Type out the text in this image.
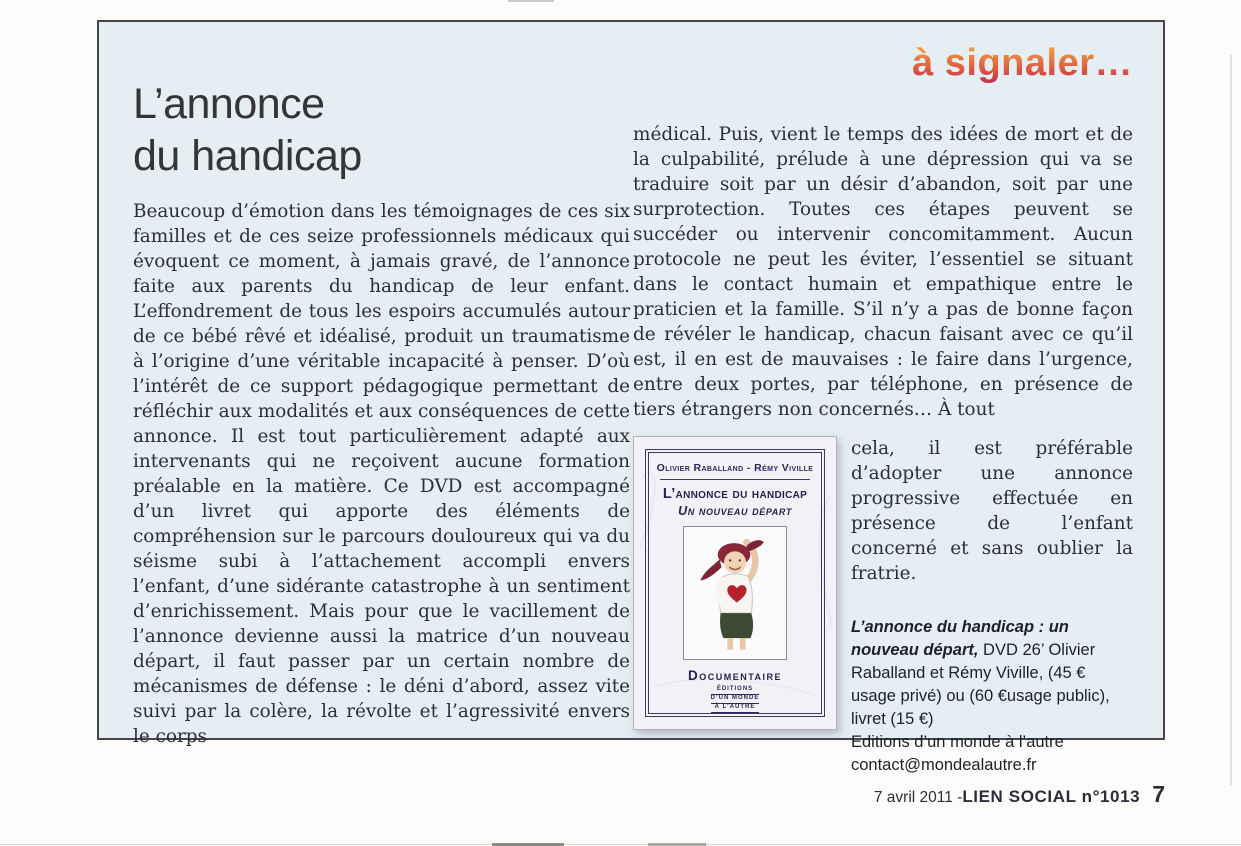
à signaler…
L’annonce
du handicap

Beaucoup d’émotion dans les témoignages de ces six familles et de ces seize professionnels médicaux qui évoquent ce moment, à jamais gravé, de l’annonce faite aux parents du handicap de leur enfant. L’effondrement de tous les espoirs accumulés autour de ce bébé rêvé et idéalisé, produit un traumatisme à l’origine d’une véritable incapacité à penser. D’où l’intérêt de ce support pédagogique permettant de réfléchir aux modalités et aux conséquences de cette annonce. Il est tout particulièrement adapté aux intervenants qui ne reçoivent aucune formation préalable en la matière. Ce DVD est accompagné d’un livret qui apporte des éléments de compréhension sur le parcours douloureux qui va du séisme subi à l’attachement accompli envers l’enfant, d’une sidérante catastrophe à un sentiment d’enrichissement. Mais pour que le vacillement de l’annonce devienne aussi la matrice d’un nouveau départ, il faut passer par un certain nombre de mécanismes de défense : le déni d’abord, assez vite suivi par la colère, la révolte et l’agressivité envers le corps

médical. Puis, vient le temps des idées de mort et de la culpabilité, prélude à une dépression qui va se traduire soit par un désir d’abandon, soit par une surprotection. Toutes ces étapes peuvent se succéder ou intervenir concomitamment. Aucun protocole ne peut les éviter, l’essentiel se situant dans le contact humain et empathique entre le praticien et la famille. S’il n’y a pas de bonne façon de révéler le handicap, chacun faisant avec ce qu’il est, il en est de mauvaises : le faire dans l’urgence, entre deux portes, par téléphone, en présence de tiers étrangers non concernés… À tout

Olivier Raballand - Rémy Viville
L’annonce du handicap
Un nouveau départ
Documentaire
ÉDITIONS
D’UN MONDE
À L’AUTRE

cela, il est préférable d’adopter une annonce progressive effectuée en présence de l’enfant concerné et sans oublier la fratrie.

L’annonce du handicap : un nouveau départ, DVD 26’ Olivier Raballand et Rémy Viville, (45 € usage privé) ou (60 €usage public), livret (15 €)

Editions d’un monde à l’autre

contact@mondealautre.fr

7 avril 2011 - LIEN SOCIAL n°1013 7
